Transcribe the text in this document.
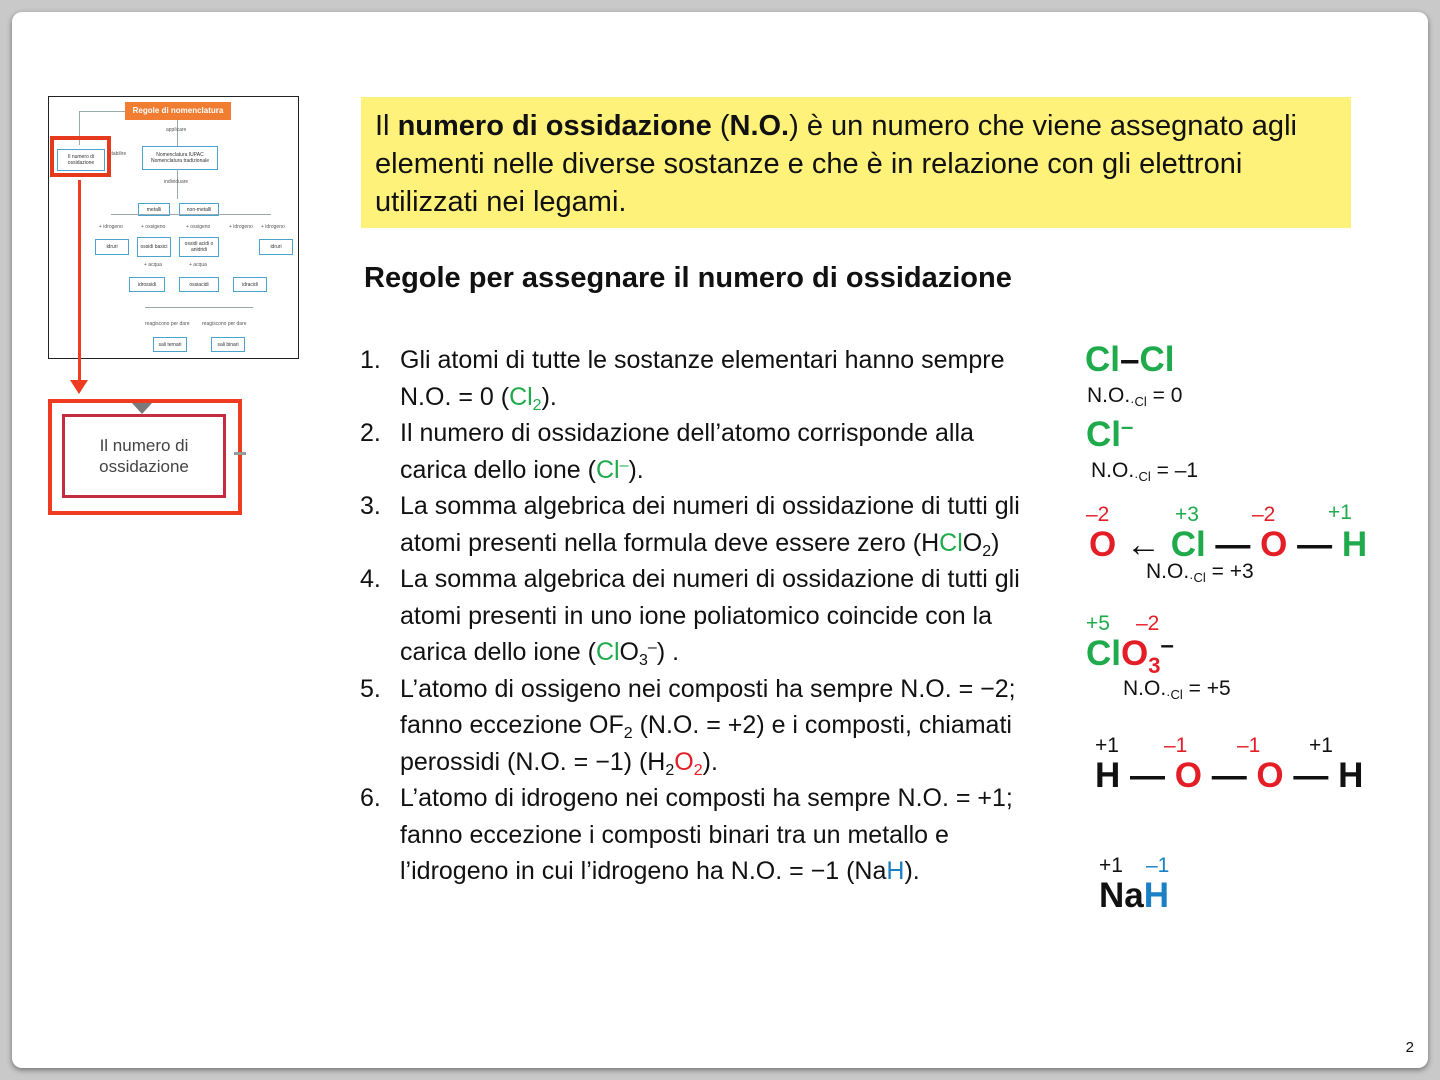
Regole di nomenclatura
applicare
Il numero di ossidazione
stabilire	Nomenclatura IUPAC Nomenclatura tradizionale
individuare
metalli	non-metalli
+ idrogeno	+ ossigeno	+ ossigeno	+ idrogeno + idrogeno
idruri	ossidi basici	ossidi acidi o anidridi	idruri
+ acqua	+ acqua
idrossidi	ossiacidi	idracidi
reagiscono per dare	reagiscono per dare
sali ternari	sali binari
Il numero di
ossidazione
Il numero di ossidazione (N.O.) è un numero che viene assegnato agli elementi nelle diverse sostanze e che è in relazione con gli elettroni utilizzati nei legami.
Regole per assegnare il numero di ossidazione
1. Gli atomi di tutte le sostanze elementari hanno sempre N.O. = 0 $(Cl_2)$.
2. Il numero di ossidazione dell’atomo corrisponde alla carica dello ione (Cl–).
3. La somma algebrica dei numeri di ossidazione di tutti gli atomi presenti nella formula deve essere zero (HClO$_2$)
4. La somma algebrica dei numeri di ossidazione di tutti gli atomi presenti in uno ione poliatomico coincide con la carica dello ione (ClO$_3$–) .
5. L’atomo di ossigeno nei composti ha sempre N.O. = −2; fanno eccezione $OF_2$ (N.O. = +2) e i composti, chiamati perossidi (N.O. = −1) $(H_2O_2)$.
6. L’atomo di idrogeno nei composti ha sempre N.O. = +1; fanno eccezione i composti binari tra un metallo e l’idrogeno in cui l’idrogeno ha N.O. = −1 (NaH).
Cl–Cl
$N.O._{\cdot Cl} = 0$
Cl–
$N.O._{\cdot Cl} = -1$
–2	+3	–2	+1
O ← Cl — O — H
$N.O._{\cdot Cl} = +3$
+5 –2
ClO$_3$–
$N.O._{\cdot Cl} = +5$
+1 –1 –1 +1
H — O — O — H
+1 –1
NaH
2
